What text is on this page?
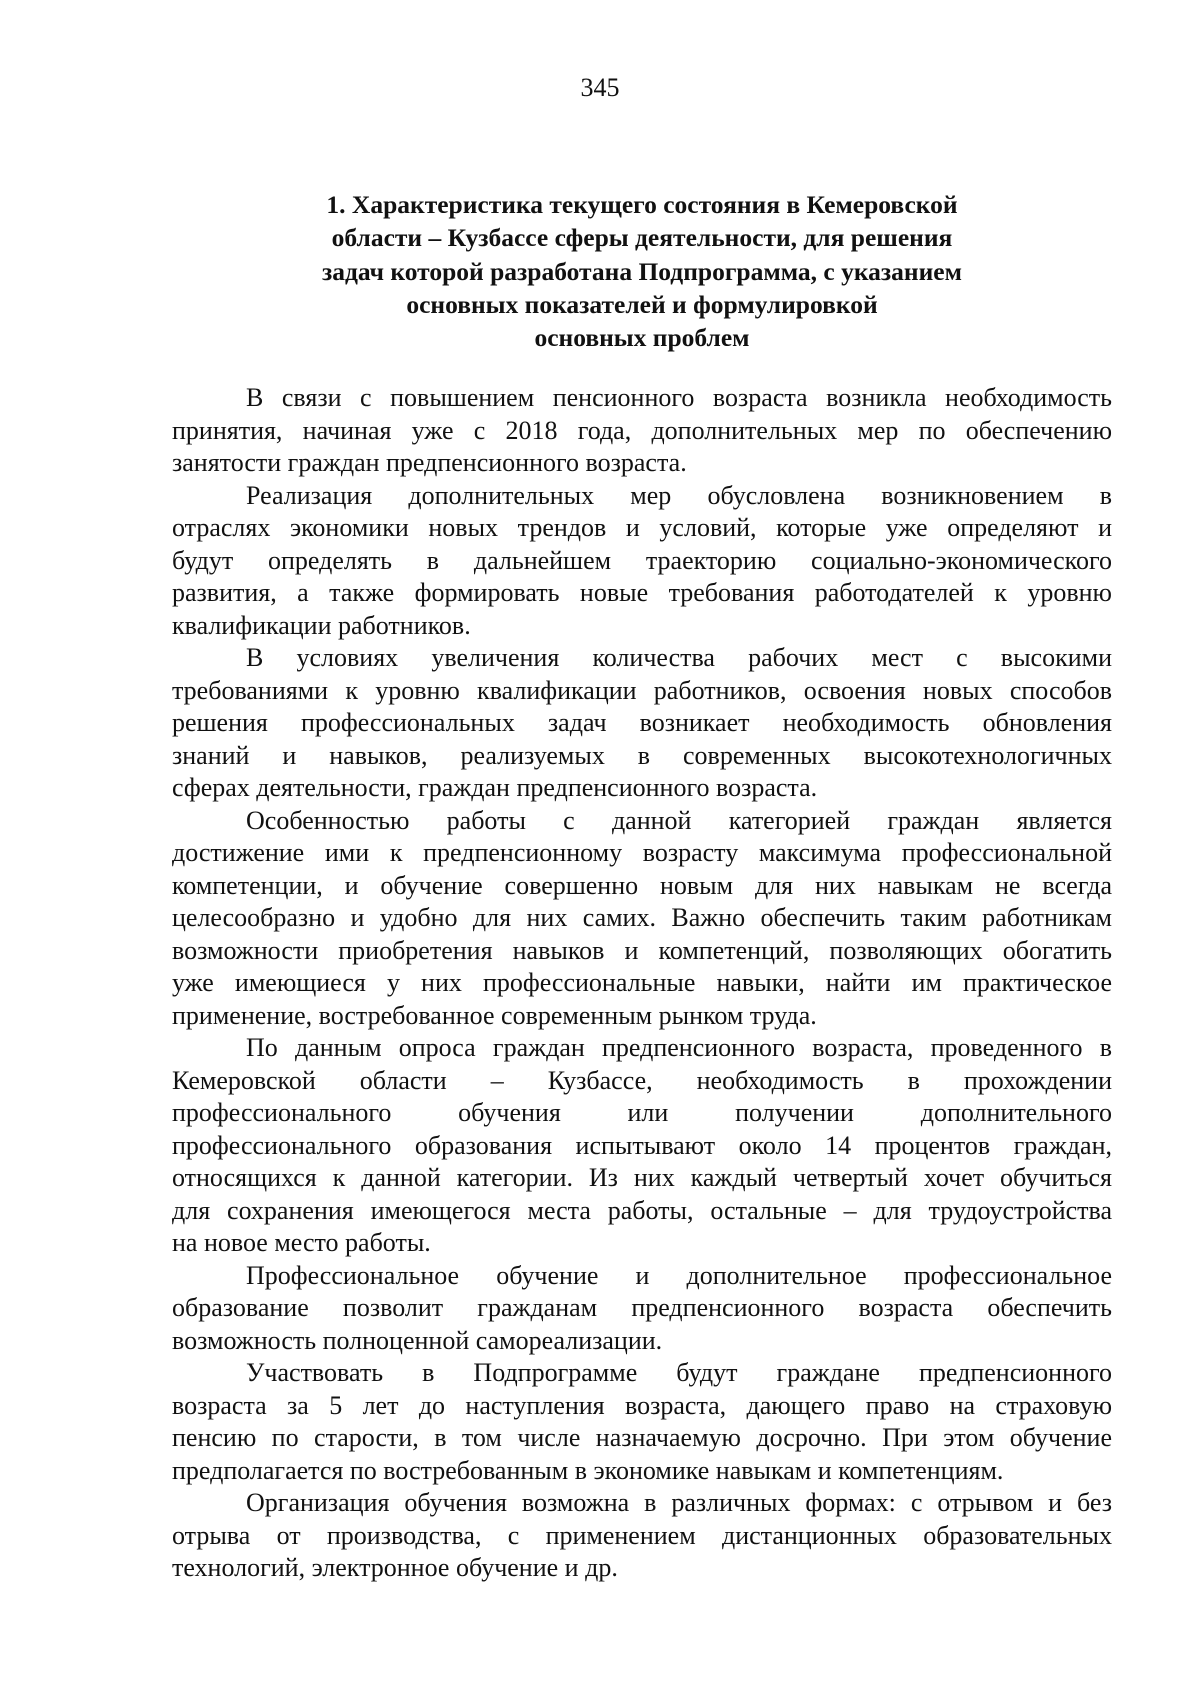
345
1. Характеристика текущего состояния в Кемеровской
области – Кузбассе сферы деятельности, для решения
задач которой разработана Подпрограмма, с указанием
основных показателей и формулировкой
основных проблем
В связи с повышением пенсионного возраста возникла необходимость
принятия, начиная уже с 2018 года, дополнительных мер по обеспечению
занятости граждан предпенсионного возраста.
Реализация дополнительных мер обусловлена возникновением в
отраслях экономики новых трендов и условий, которые уже определяют и
будут определять в дальнейшем траекторию социально-экономического
развития, а также формировать новые требования работодателей к уровню
квалификации работников.
В условиях увеличения количества рабочих мест с высокими
требованиями к уровню квалификации работников, освоения новых способов
решения профессиональных задач возникает необходимость обновления
знаний и навыков, реализуемых в современных высокотехнологичных
сферах деятельности, граждан предпенсионного возраста.
Особенностью работы с данной категорией граждан является
достижение ими к предпенсионному возрасту максимума профессиональной
компетенции, и обучение совершенно новым для них навыкам не всегда
целесообразно и удобно для них самих. Важно обеспечить таким работникам
возможности приобретения навыков и компетенций, позволяющих обогатить
уже имеющиеся у них профессиональные навыки, найти им практическое
применение, востребованное современным рынком труда.
По данным опроса граждан предпенсионного возраста, проведенного в
Кемеровской области – Кузбассе, необходимость в прохождении
профессионального обучения или получении дополнительного
профессионального образования испытывают около 14 процентов граждан,
относящихся к данной категории. Из них каждый четвертый хочет обучиться
для сохранения имеющегося места работы, остальные – для трудоустройства
на новое место работы.
Профессиональное обучение и дополнительное профессиональное
образование позволит гражданам предпенсионного возраста обеспечить
возможность полноценной самореализации.
Участвовать в Подпрограмме будут граждане предпенсионного
возраста за 5 лет до наступления возраста, дающего право на страховую
пенсию по старости, в том числе назначаемую досрочно. При этом обучение
предполагается по востребованным в экономике навыкам и компетенциям.
Организация обучения возможна в различных формах: с отрывом и без
отрыва от производства, с применением дистанционных образовательных
технологий, электронное обучение и др.
